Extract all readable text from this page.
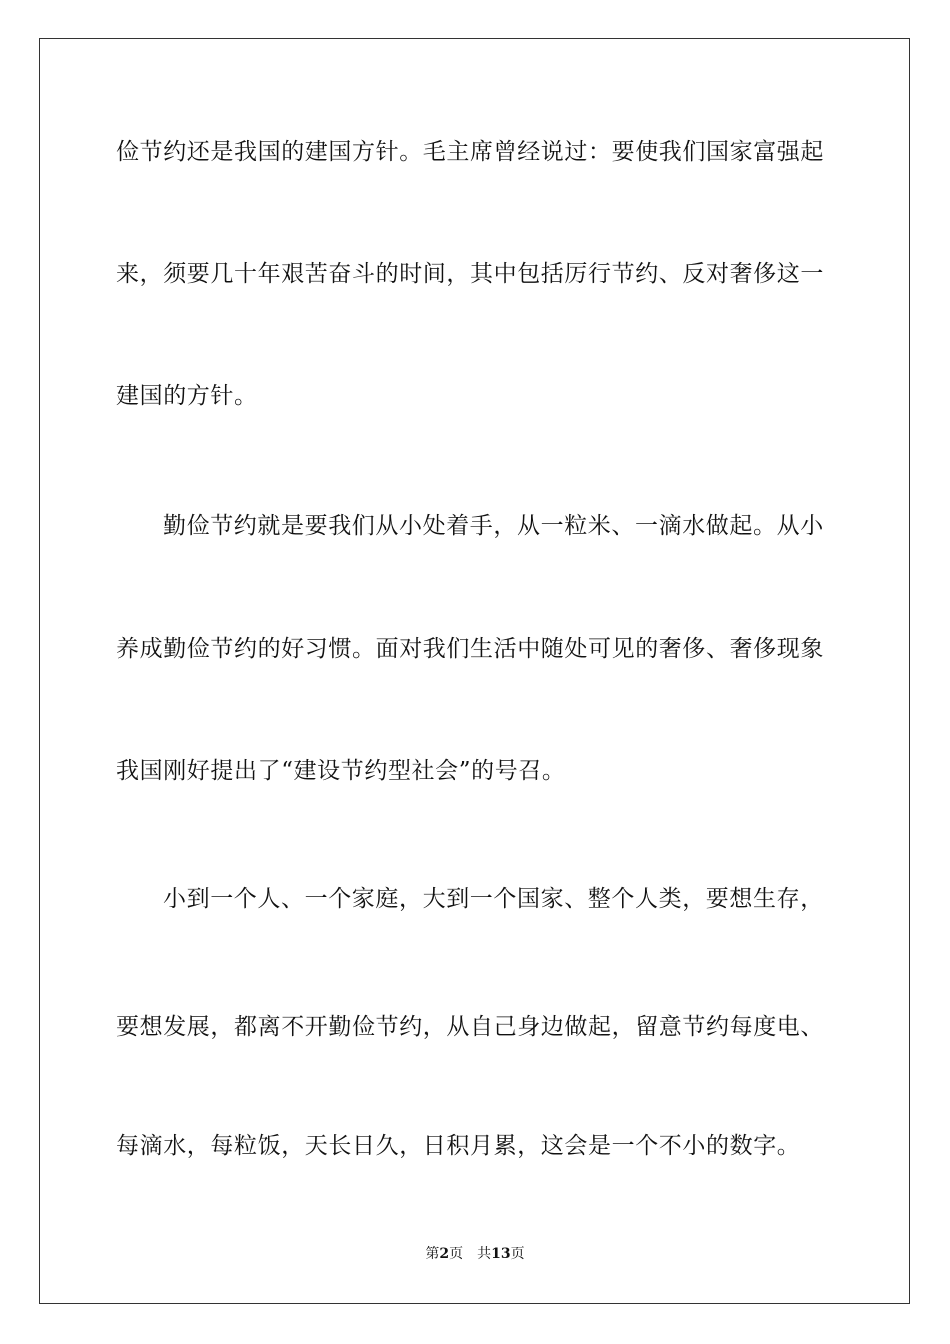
俭节约还是我国的建国方针。毛主席曾经说过：要使我们国家富强起
来，须要几十年艰苦奋斗的时间，其中包括厉行节约、反对奢侈这一
建国的方针。
勤俭节约就是要我们从小处着手，从一粒米、一滴水做起。从小
养成勤俭节约的好习惯。面对我们生活中随处可见的奢侈、奢侈现象
我国刚好提出了“建设节约型社会”的号召。
小到一个人、一个家庭，大到一个国家、整个人类，要想生存，
要想发展，都离不开勤俭节约，从自己身边做起，留意节约每度电、
每滴水，每粒饭，天长日久，日积月累，这会是一个不小的数字。
第2页 共13页
